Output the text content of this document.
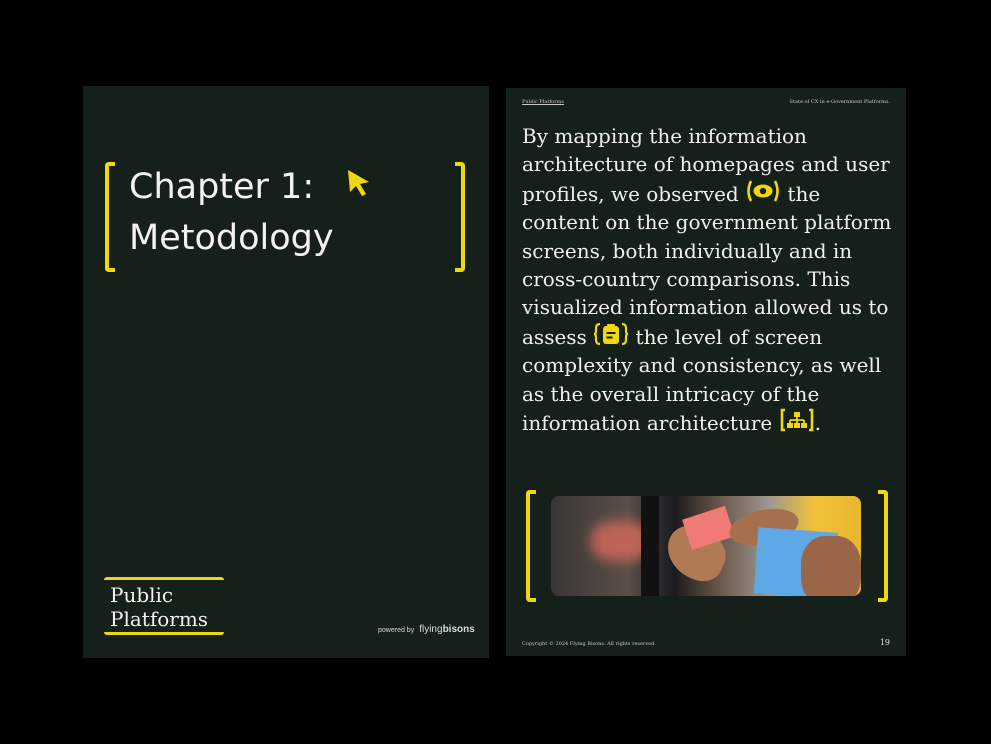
Chapter 1:
Metodology
Public
Platforms	powered by flyingbisons
Public Platforms	State of CX in e-Government Platforms.

By mapping the information architecture of homepages and user profiles, we observed
the content on the government platform screens, both individually and in cross-country comparisons. This visualized information allowed us to assess
the level of screen complexity and consistency, as well as the overall intricacy of the information architecture
.

Copyright © 2024 Flying Bisons. All rights reserved.	19
